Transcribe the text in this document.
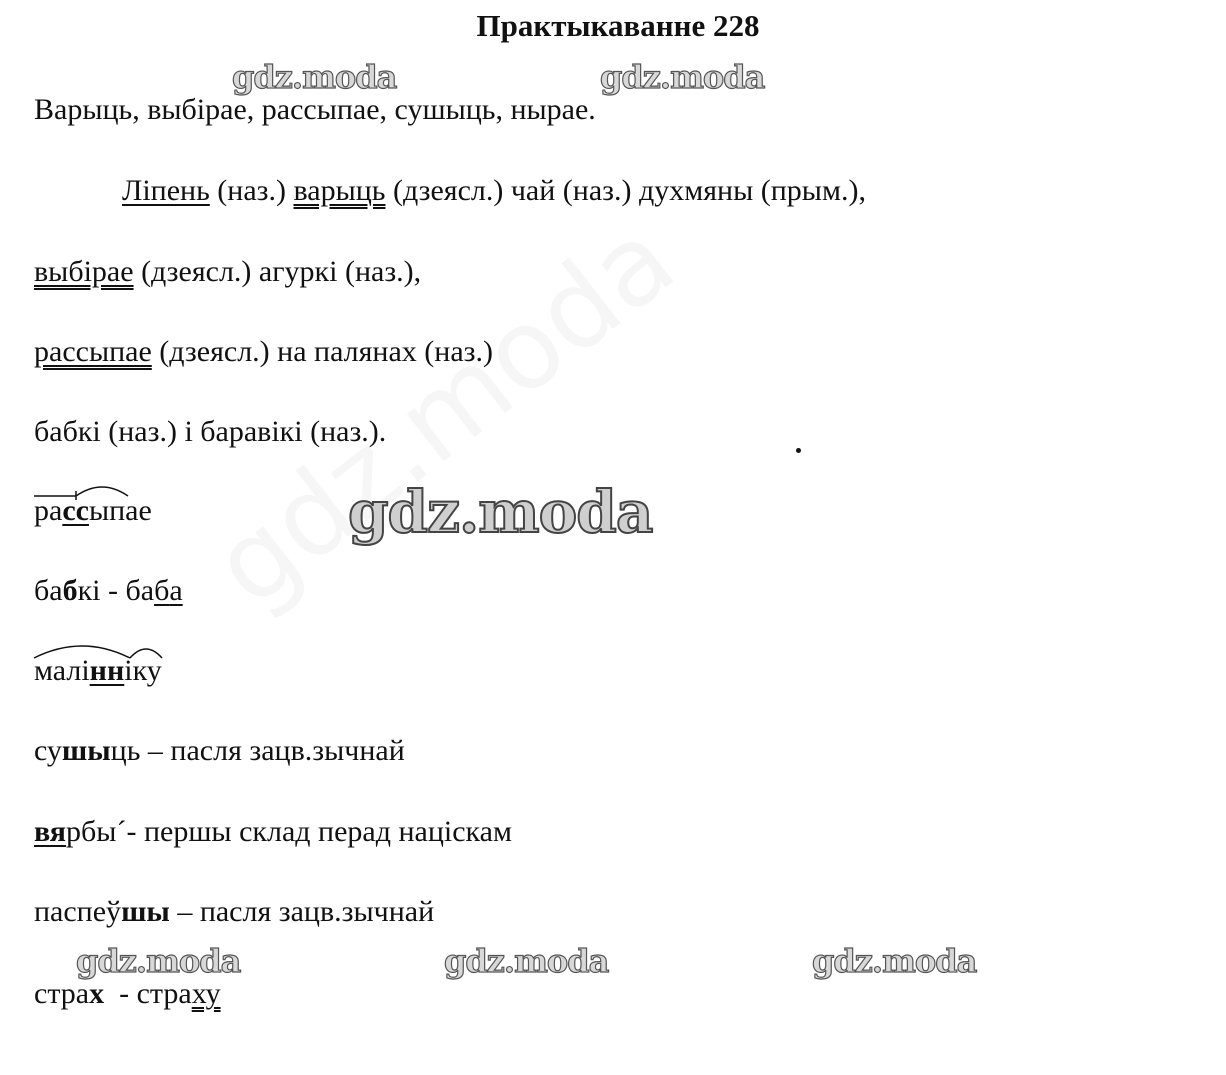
Практыкаванне 228
gdz.moda	gdz.moda
Варыць, выбірае, рассыпае, сушыць, нырае.
Ліпень (наз.) варыць (дзеясл.) чай (наз.) духмяны (прым.),
выбірае (дзеясл.) агуркі (наз.),
рассыпае (дзеясл.) на палянах (наз.)
бабкі (наз.) і баравікі (наз.).
рассыпае	gdz.moda
бабкі - баба
малінніку
сушыць – пасля зацв.зычнай
вярбы´- першы склад перад націскам
паспеўшы – пасля зацв.зычнай
gdz.moda	gdz.moda	gdz.moda
страх  - страху
